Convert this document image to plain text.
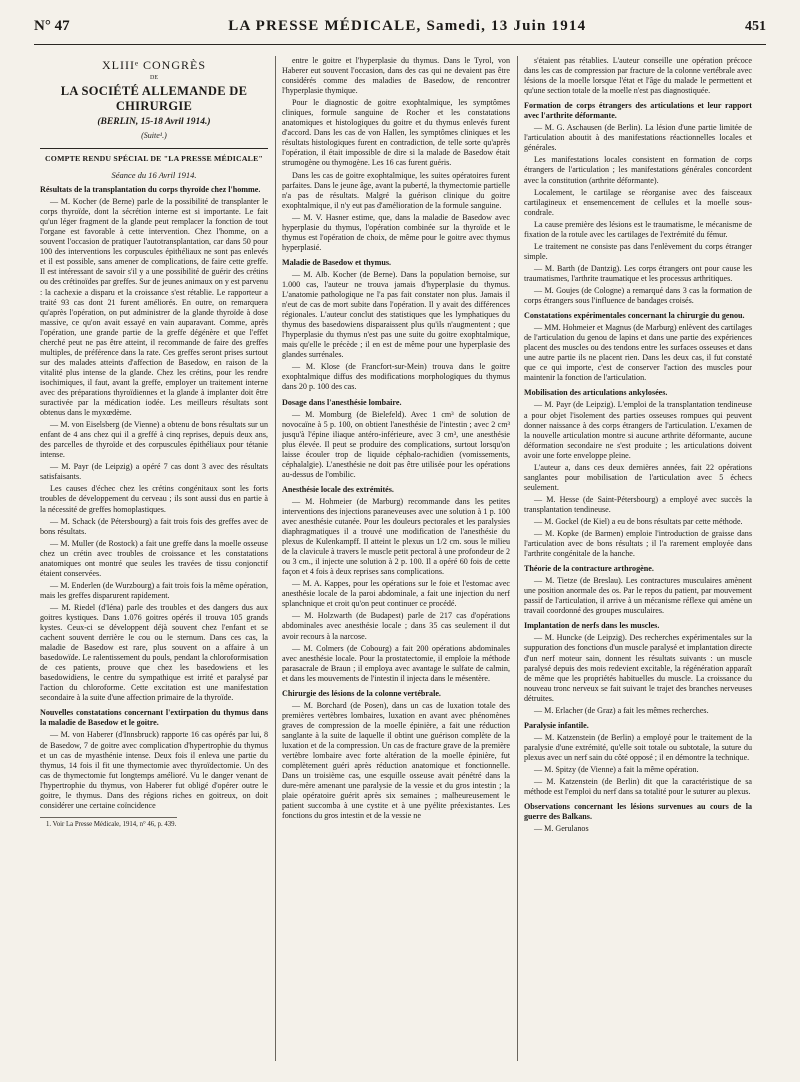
N° 47	LA PRESSE MÉDICALE, Samedi, 13 Juin 1914	451

XLIIIᵉ CONGRÈS

DE

LA SOCIÉTÉ ALLEMANDE DE CHIRURGIE

(BERLIN, 15-18 Avril 1914.)

(Suite¹.)

COMPTE RENDU SPÉCIAL DE "LA PRESSE MÉDICALE"

Séance du 16 Avril 1914.

Résultats de la transplantation du corps thyroïde chez l'homme.

— M. Kocher (de Berne) parle de la possibilité de transplanter le corps thyroïde, dont la sécrétion interne est si importante. Le fait qu'un léger fragment de la glande peut remplacer la fonction de tout l'organe est favorable à cette intervention. Chez l'homme, on a souvent l'occasion de pratiquer l'autotransplantation, car dans 50 pour 100 des interventions les corpuscules épithéliaux ne sont pas enlevés et il est possible, sans amener de complications, de faire cette greffe. Il est intéressant de savoir s'il y a une possibilité de guérir des crétins ou des crétinoïdes par greffes. Sur de jeunes animaux on y est parvenu : la cachexie a disparu et la croissance s'est rétablie. Le rapporteur a traité 93 cas dont 21 furent améliorés. En outre, on remarquera qu'après l'opération, on put administrer de la glande thyroïde à dose massive, ce qu'on avait essayé en vain auparavant. Comme, après l'opération, une grande partie de la greffe dégénère et que l'effet cherché peut ne pas être atteint, il recommande de faire des greffes multiples, de préférence dans la rate. Ces greffes seront prises surtout sur des malades atteints d'affection de Basedow, en raison de la vitalité plus intense de la glande. Chez les crétins, pour les rendre isochimiques, il faut, avant la greffe, employer un traitement interne avec des préparations thyroïdiennes et la glande à implanter doit être suractivée par la médication iodée. Les meilleurs résultats sont obtenus dans le myxœdème.

— M. von Eiselsberg (de Vienne) a obtenu de bons résultats sur un enfant de 4 ans chez qui il a greffé à cinq reprises, depuis deux ans, des parcelles de thyroïde et des corpuscules épithéliaux pour tétanie intense.

— M. Payr (de Leipzig) a opéré 7 cas dont 3 avec des résultats satisfaisants.

Les causes d'échec chez les crétins congénitaux sont les forts troubles de développement du cerveau ; ils sont aussi dus en partie à la nécessité de greffes homoplastiques.

— M. Schack (de Pétersbourg) a fait trois fois des greffes avec de bons résultats.

— M. Muller (de Rostock) a fait une greffe dans la moelle osseuse chez un crétin avec troubles de croissance et les constatations anatomiques ont montré que seules les travées de tissu conjonctif étaient conservées.

— M. Enderlen (de Wurzbourg) a fait trois fois la même opération, mais les greffes disparurent rapidement.

— M. Riedel (d'Iéna) parle des troubles et des dangers dus aux goitres kystiques. Dans 1.076 goitres opérés il trouva 105 grands kystes. Ceux-ci se développent déjà souvent chez l'enfant et se cachent souvent derrière le cou ou le sternum. Dans ces cas, la maladie de Basedow est rare, plus souvent on a affaire à un basedowïde. Le ralentissement du pouls, pendant la chloroformisation de ces patients, prouve que chez les basedowiens et les basedowidiens, le centre du sympathique est irrité et paralysé par l'action du chloroforme. Cette excitation est une manifestation secondaire à la suite d'une affection primaire de la thyroïde.

Nouvelles constatations concernant l'extirpation du thymus dans la maladie de Basedow et le goitre.

— M. von Haberer (d'Innsbruck) rapporte 16 cas opérés par lui, 8 de Basedow, 7 de goitre avec complication d'hypertrophie du thymus et un cas de myasthénie intense. Deux fois il enleva une partie du thymus, 14 fois il fit une thymectomie avec thyroïdectomie. Un des cas de thymectomie fut longtemps amélioré. Vu le danger venant de l'hypertrophie du thymus, von Haberer fut obligé d'opérer outre le goitre, le thymus. Dans des régions riches en goitreux, on doit considérer une certaine coïncidence

1. Voir La Presse Médicale, 1914, n° 46, p. 439.

entre le goitre et l'hyperplasie du thymus. Dans le Tyrol, von Haberer eut souvent l'occasion, dans des cas qui ne devaient pas être considérés comme des maladies de Basedow, de rencontrer l'hyperplasie thymique.

Pour le diagnostic de goitre exophtalmique, les symptômes cliniques, formule sanguine de Rocher et les constatations anatomiques et histologiques du goitre et du thymus enlevés furent d'accord. Dans les cas de von Hallen, les symptômes cliniques et les résultats histologiques furent en contradiction, de telle sorte qu'après l'opération, il était impossible de dire si la malade de Basedow était strumogène ou thymogène. Les 16 cas furent guéris.

Dans les cas de goitre exophtalmique, les suites opératoires furent parfaites. Dans le jeune âge, avant la puberté, la thymectomie partielle n'a pas de résultats. Malgré la guérison clinique du goitre exophtalmique, il n'y eut pas d'amélioration de la formule sanguine.

— M. V. Hasner estime, que, dans la maladie de Basedow avec hyperplasie du thymus, l'opération combinée sur la thyroïde et le thymus est l'opération de choix, de même pour le goitre avec thymus hyperplasié.

Maladie de Basedow et thymus.

— M. Alb. Kocher (de Berne). Dans la population bernoise, sur 1.000 cas, l'auteur ne trouva jamais d'hyperplasie du thymus. L'anatomie pathologique ne l'a pas fait constater non plus. Jamais il n'eut de cas de mort subite dans l'opération. Il y avait des différences régionales. L'auteur conclut des statistiques que les lymphatiques du thymus des basedowiens disparaissent plus qu'ils n'augmentent ; que l'hyperplasie du thymus n'est pas une suite du goitre exophtalmique, mais qu'elle le précède ; il en est de même pour une hyperplasie des glandes surrénales.

— M. Klose (de Francfort-sur-Mein) trouva dans le goitre exophtalmique diffus des modifications morphologiques du thymus dans 20 p. 100 des cas.

Dosage dans l'anesthésie lombaire.

— M. Momburg (de Bielefeld). Avec 1 cm³ de solution de novocaïne à 5 p. 100, on obtient l'anesthésie de l'intestin ; avec 2 cm³ jusqu'à l'épine iliaque antéro-inférieure, avec 3 cm³, une anesthésie plus élevée. Il peut se produire des complications, surtout lorsqu'on laisse écouler trop de liquide céphalo-rachidien (vomissements, céphalalgie). L'anesthésie ne doit pas être utilisée pour les opérations au-dessus de l'ombilic.

Anesthésie locale des extrémités.

— M. Hohmeier (de Marburg) recommande dans les petites interventions des injections paraneveuses avec une solution à 1 p. 100 avec anesthésie cutanée. Pour les douleurs pectorales et les paralysies diaphragmatiques il a trouvé une modification de l'anesthésie du plexus de Kulenkampff. Il atteint le plexus un 1/2 cm. sous le milieu de la clavicule à travers le muscle petit pectoral à une profondeur de 2 ou 3 cm., il injecte une solution à 2 p. 100. Il a opéré 60 fois de cette façon et 4 fois à deux reprises sans complications.

— M. A. Kappes, pour les opérations sur le foie et l'estomac avec anesthésie locale de la paroi abdominale, a fait une injection du nerf splanchnique et croit qu'on peut continuer ce procédé.

— M. Holzwarth (de Budapest) parle de 217 cas d'opérations abdominales avec anesthésie locale ; dans 35 cas seulement il dut avoir recours à la narcose.

— M. Colmers (de Cobourg) a fait 200 opérations abdominales avec anesthésie locale. Pour la prostatectomie, il emploie la méthode parasacrale de Braun ; il employa avec avantage le sulfate de calmin, et dans les mouvements de l'intestin il injecta dans le mésentère.

Chirurgie des lésions de la colonne vertébrale.

— M. Borchard (de Posen), dans un cas de luxation totale des premières vertèbres lombaires, luxation en avant avec phénomènes graves de compression de la moelle épinière, a fait une réduction sanglante à la suite de laquelle il obtint une guérison complète de la luxation et de la compression. Un cas de fracture grave de la première vertèbre lombaire avec forte altération de la moelle épinière, fut complètement guéri après réduction anatomique et fonctionnelle. Dans un troisième cas, une esquille osseuse avait pénétré dans la dure-mère amenant une paralysie de la vessie et du gros intestin ; la plaie opératoire guérit après six semaines ; malheureusement le patient succomba à une cystite et à une pyélite préexistantes. Les fonctions du gros intestin et de la vessie ne

s'étaient pas rétablies. L'auteur conseille une opération précoce dans les cas de compression par fracture de la colonne vertébrale avec lésions de la moelle lorsque l'état et l'âge du malade le permettent et qu'une section totale de la moelle n'est pas diagnostiquée.

Formation de corps étrangers des articulations et leur rapport avec l'arthrite déformante.

— M. G. Aschausen (de Berlin). La lésion d'une partie limitée de l'articulation aboutit à des manifestations réactionnelles locales et générales.

Les manifestations locales consistent en formation de corps étrangers de l'articulation ; les manifestations générales concordent avec la constitution (arthrite déformante).

Localement, le cartilage se réorganise avec des faisceaux cartilagineux et ensemencement de cellules et la moelle sous-condrale.

La cause première des lésions est le traumatisme, le mécanisme de fixation de la rotule avec les cartilages de l'extrémité du fémur.

Le traitement ne consiste pas dans l'enlèvement du corps étranger simple.

— M. Barth (de Dantzig). Les corps étrangers ont pour cause les traumatismes, l'arthrite traumatique et les processus arthritiques.

— M. Goujes (de Cologne) a remarqué dans 3 cas la formation de corps étrangers sous l'influence de bandages croisés.

Constatations expérimentales concernant la chirurgie du genou.

— MM. Hohmeier et Magnus (de Marburg) enlèvent des cartilages de l'articulation du genou de lapins et dans une partie des expériences placent des muscles ou des tendons entre les surfaces osseuses et dans une autre partie ils ne placent rien. Dans les deux cas, il fut constaté que ce qui importe, c'est de conserver l'action des muscles pour maintenir la fonction de l'articulation.

Mobilisation des articulations ankylosées.

— M. Payr (de Leipzig). L'emploi de la transplantation tendineuse a pour objet l'isolement des parties osseuses rompues qui peuvent donner naissance à des corps étrangers de l'articulation. L'examen de la nouvelle articulation montre si aucune arthrite déformante, aucune déformation secondaire ne s'est produite ; les articulations doivent avoir une forte enveloppe pleine.

L'auteur a, dans ces deux dernières années, fait 22 opérations sanglantes pour mobilisation de l'articulation avec 5 échecs seulement.

— M. Hesse (de Saint-Pétersbourg) a employé avec succès la transplantation tendineuse.

— M. Gockel (de Kiel) a eu de bons résultats par cette méthode.

— M. Kopke (de Barmen) emploie l'introduction de graisse dans l'articulation avec de bons résultats ; il l'a rarement employée dans l'arthrite congénitale de la hanche.

Théorie de la contracture arthrogène.

— M. Tietze (de Breslau). Les contractures musculaires amènent une position anormale des os. Par le repos du patient, par mouvement passif de l'articulation, il arrive à un mécanisme réflexe qui amène un travail coordonné des groupes musculaires.

Implantation de nerfs dans les muscles.

— M. Huncke (de Leipzig). Des recherches expérimentales sur la suppuration des fonctions d'un muscle paralysé et implantation directe d'un nerf moteur sain, donnent les résultats suivants : un muscle paralysé depuis des mois redevient excitable, la régénération apparaît de même que les propriétés habituelles du muscle. La croissance du nouveau tronc nerveux se fait suivant le trajet des branches nerveuses détruites.

— M. Erlacher (de Graz) a fait les mêmes recherches.

Paralysie infantile.

— M. Katzenstein (de Berlin) a employé pour le traitement de la paralysie d'une extrémité, qu'elle soit totale ou subtotale, la suture du plexus avec un nerf sain du côté opposé ; il en démontre la technique.

— M. Spitzy (de Vienne) a fait la même opération.

— M. Katzenstein (de Berlin) dit que la caractéristique de sa méthode est l'emploi du nerf dans sa totalité pour le suturer au plexus.

Observations concernant les lésions survenues au cours de la guerre des Balkans.

— M. Gerulanos
